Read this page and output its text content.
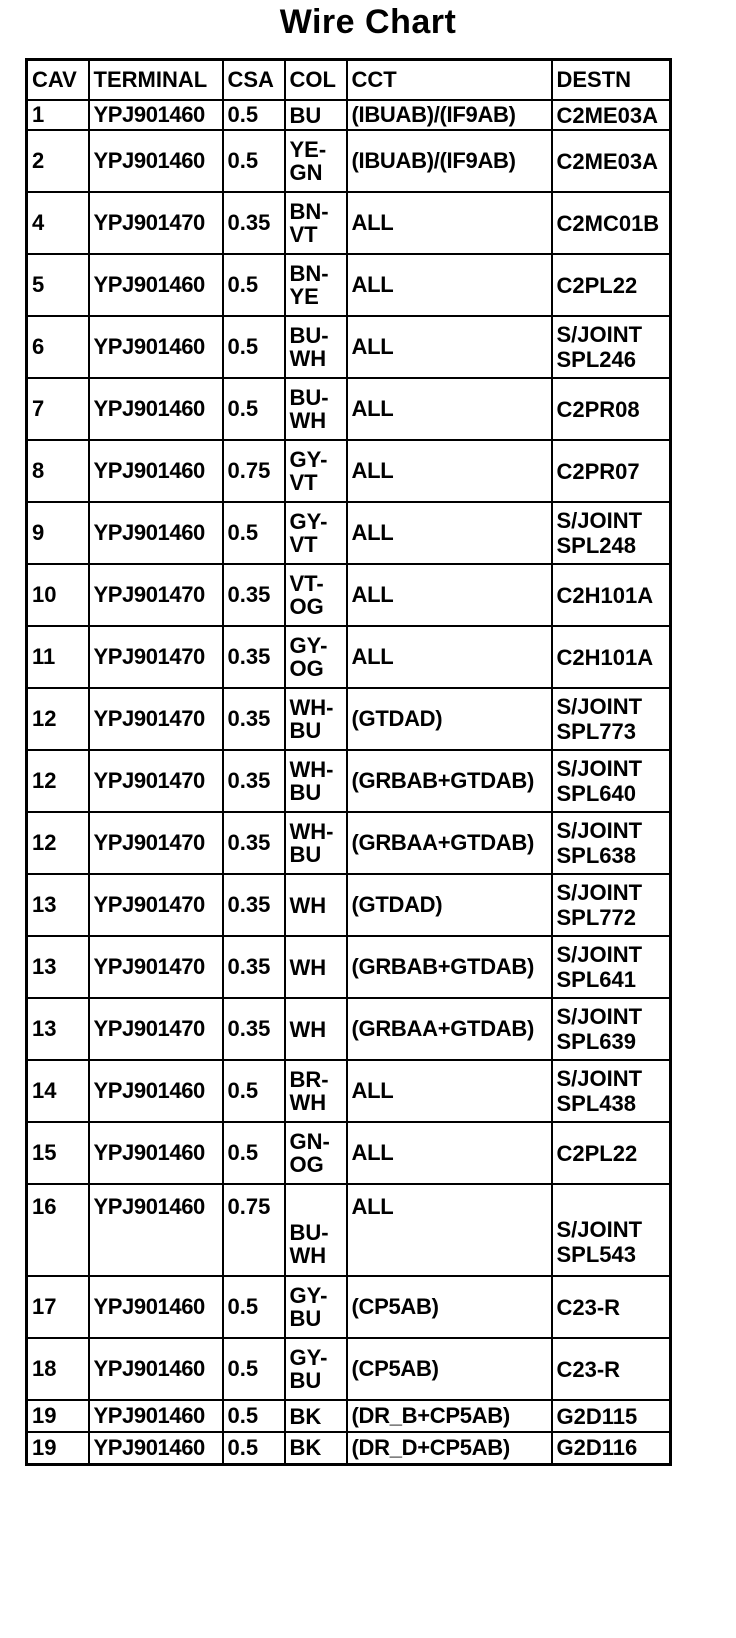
Wire Chart
CAV	TERMINAL	CSA	COL	CCT	DESTN
1	YPJ901460	0.5	BU	(IBUAB)/(IF9AB)	C2ME03A

2	YPJ901460	0.5	YE-
GN	(IBUAB)/(IF9AB)	C2ME03A

4	YPJ901470	0.35	BN-
VT	ALL	C2MC01B

5	YPJ901460	0.5	BN-
YE	ALL	C2PL22

6	YPJ901460	0.5	BU-
WH	ALL	S/JOINT
SPL246

7	YPJ901460	0.5	BU-
WH	ALL	C2PR08

8	YPJ901460	0.75	GY-
VT	ALL	C2PR07

9	YPJ901460	0.5	GY-
VT	ALL	S/JOINT
SPL248

10	YPJ901470	0.35	VT-
OG	ALL	C2H101A

11	YPJ901470	0.35	GY-
OG	ALL	C2H101A

12	YPJ901470	0.35	WH-
BU	(GTDAD)	S/JOINT
SPL773

12	YPJ901470	0.35	WH-
BU	(GRBAB+GTDAB)	S/JOINT
SPL640

12	YPJ901470	0.35	WH-
BU	(GRBAA+GTDAB)	S/JOINT
SPL638

13	YPJ901470	0.35	WH	(GTDAD)	S/JOINT
SPL772

13	YPJ901470	0.35	WH	(GRBAB+GTDAB)	S/JOINT
SPL641

13	YPJ901470	0.35	WH	(GRBAA+GTDAB)	S/JOINT
SPL639

14	YPJ901460	0.5	BR-
WH	ALL	S/JOINT
SPL438

15	YPJ901460	0.5	GN-
OG	ALL	C2PL22

16	YPJ901460	0.75	BU-
WH	ALL	S/JOINT
SPL543

17	YPJ901460	0.5	GY-
BU	(CP5AB)	C23-R

18	YPJ901460	0.5	GY-
BU	(CP5AB)	C23-R

19	YPJ901460	0.5	BK	(DR_B+CP5AB)	G2D115

19	YPJ901460	0.5	BK	(DR_D+CP5AB)	G2D116
